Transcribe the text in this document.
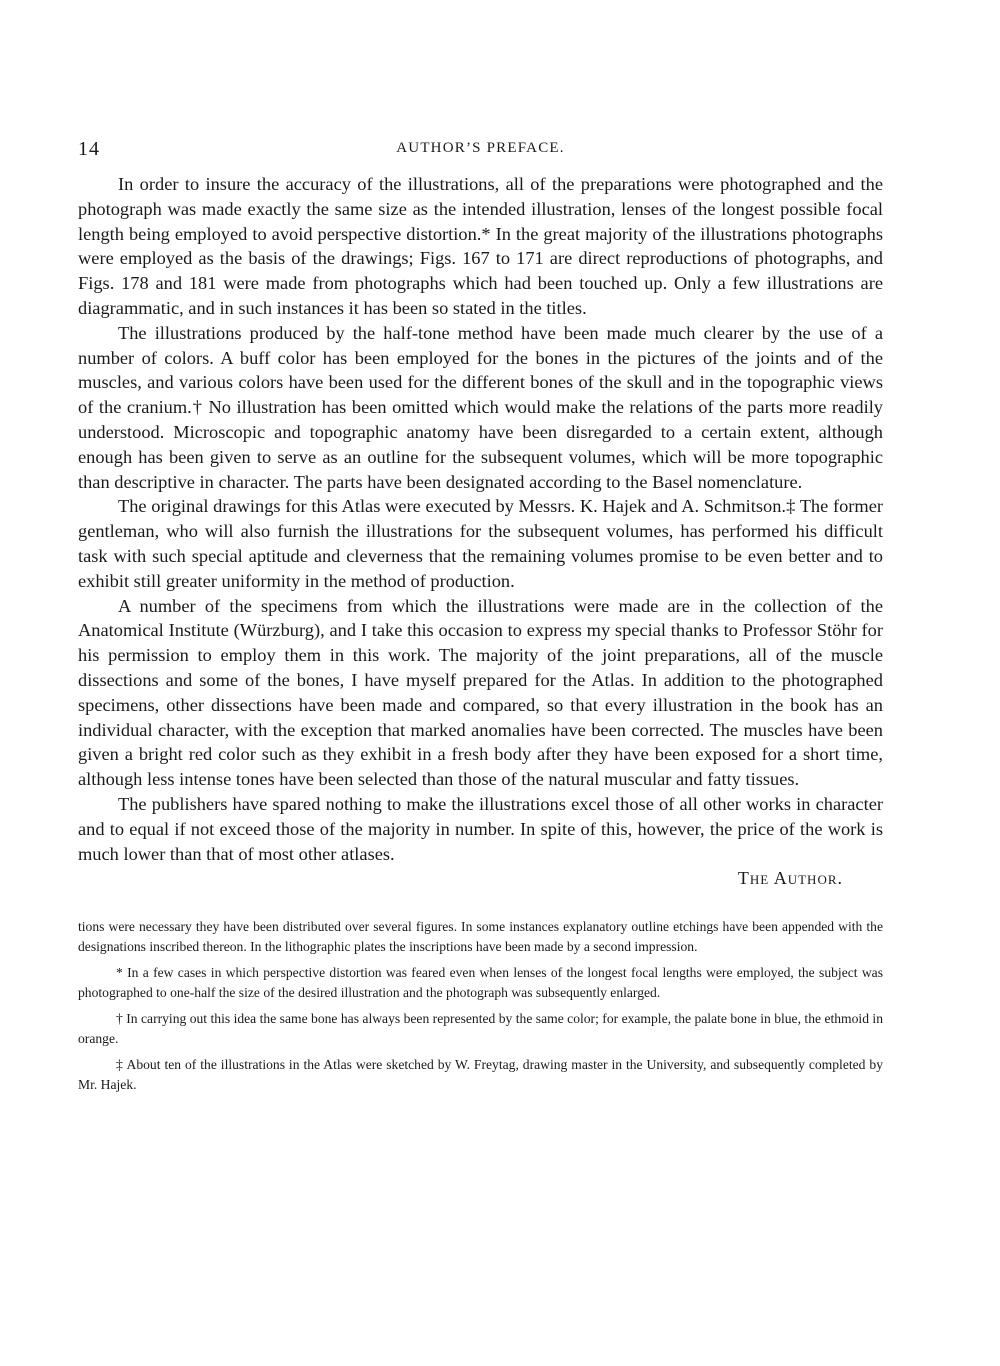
14	AUTHOR’S PREFACE.

In order to insure the accuracy of the illustrations, all of the preparations were photographed and the photograph was made exactly the same size as the intended illustration, lenses of the longest possible focal length being employed to avoid perspective distortion.* In the great majority of the illustrations photographs were employed as the basis of the drawings; Figs. 167 to 171 are direct reproductions of photographs, and Figs. 178 and 181 were made from photographs which had been touched up. Only a few illustrations are diagrammatic, and in such instances it has been so stated in the titles.

The illustrations produced by the half-tone method have been made much clearer by the use of a number of colors. A buff color has been employed for the bones in the pictures of the joints and of the muscles, and various colors have been used for the different bones of the skull and in the topographic views of the cranium.† No illustration has been omitted which would make the relations of the parts more readily understood. Microscopic and topographic anatomy have been disregarded to a certain extent, although enough has been given to serve as an outline for the subsequent volumes, which will be more topographic than descriptive in character. The parts have been designated according to the Basel nomenclature.

The original drawings for this Atlas were executed by Messrs. K. Hajek and A. Schmitson.‡ The former gentleman, who will also furnish the illustrations for the subsequent volumes, has performed his difficult task with such special aptitude and cleverness that the remaining volumes promise to be even better and to exhibit still greater uniformity in the method of production.

A number of the specimens from which the illustrations were made are in the collection of the Anatomical Institute (Würzburg), and I take this occasion to express my special thanks to Professor Stöhr for his permission to employ them in this work. The majority of the joint preparations, all of the muscle dissections and some of the bones, I have myself prepared for the Atlas. In addition to the photographed specimens, other dissections have been made and compared, so that every illustration in the book has an individual character, with the exception that marked anomalies have been corrected. The muscles have been given a bright red color such as they exhibit in a fresh body after they have been exposed for a short time, although less intense tones have been selected than those of the natural muscular and fatty tissues.

The publishers have spared nothing to make the illustrations excel those of all other works in character and to equal if not exceed those of the majority in number. In spite of this, however, the price of the work is much lower than that of most other atlases.

The Author.

tions were necessary they have been distributed over several figures. In some instances explanatory outline etchings have been appended with the designations inscribed thereon. In the lithographic plates the inscriptions have been made by a second impression.

* In a few cases in which perspective distortion was feared even when lenses of the longest focal lengths were employed, the subject was photographed to one-half the size of the desired illustration and the photograph was subsequently enlarged.

† In carrying out this idea the same bone has always been represented by the same color; for example, the palate bone in blue, the ethmoid in orange.

‡ About ten of the illustrations in the Atlas were sketched by W. Freytag, drawing master in the University, and subsequently completed by Mr. Hajek.
